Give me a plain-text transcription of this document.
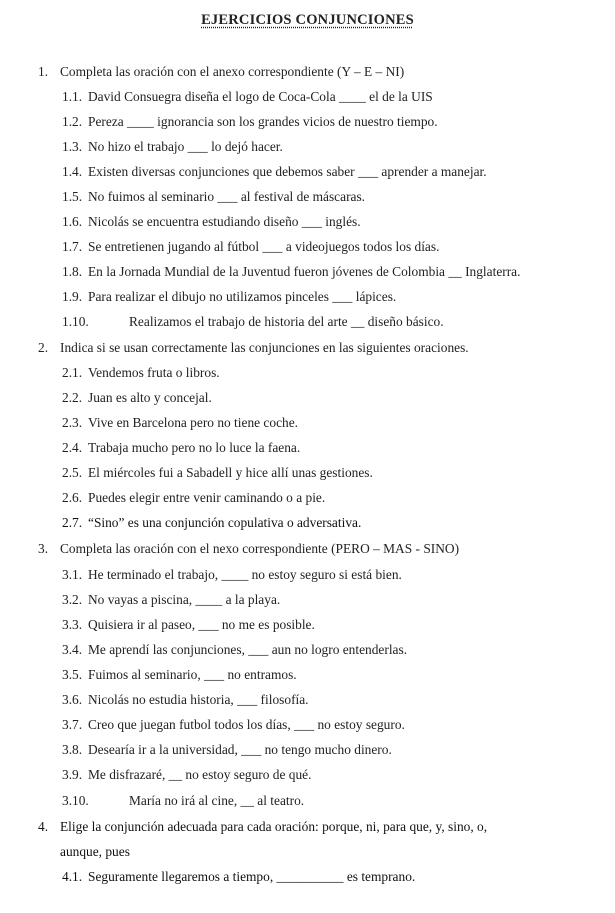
EJERCICIOS CONJUNCIONES
1. Completa las oración con el anexo correspondiente (Y – E – NI)
1.1. David Consuegra diseña el logo de Coca-Cola ____ el de la UIS
1.2. Pereza ____ ignorancia son los grandes vicios de nuestro tiempo.
1.3. No hizo el trabajo ___ lo dejó hacer.
1.4. Existen diversas conjunciones que debemos saber ___ aprender a manejar.
1.5. No fuimos al seminario ___ al festival de máscaras.
1.6. Nicolás se encuentra estudiando diseño ___ inglés.
1.7. Se entretienen jugando al fútbol ___ a videojuegos todos los días.
1.8. En la Jornada Mundial de la Juventud fueron jóvenes de Colombia __ Inglaterra.
1.9. Para realizar el dibujo no utilizamos pinceles ___ lápices.
1.10.	Realizamos el trabajo de historia del arte __ diseño básico.
2. Indica si se usan correctamente las conjunciones en las siguientes oraciones.
2.1. Vendemos fruta o libros.
2.2. Juan es alto y concejal.
2.3. Vive en Barcelona pero no tiene coche.
2.4. Trabaja mucho pero no lo luce la faena.
2.5. El miércoles fui a Sabadell y hice allí unas gestiones.
2.6. Puedes elegir entre venir caminando o a pie.
2.7. “Sino” es una conjunción copulativa o adversativa.
3. Completa las oración con el nexo correspondiente (PERO – MAS - SINO)
3.1. He terminado el trabajo, ____ no estoy seguro si está bien.
3.2. No vayas a piscina, ____ a la playa.
3.3. Quisiera ir al paseo, ___ no me es posible.
3.4. Me aprendí las conjunciones, ___ aun no logro entenderlas.
3.5. Fuimos al seminario, ___ no entramos.
3.6. Nicolás no estudia historia, ___ filosofía.
3.7. Creo que juegan futbol todos los días, ___ no estoy seguro.
3.8. Desearía ir a la universidad, ___ no tengo mucho dinero.
3.9. Me disfrazaré, __ no estoy seguro de qué.
3.10.	María no irá al cine, __ al teatro.
4. Elige la conjunción adecuada para cada oración: porque, ni, para que, y, sino, o,
aunque, pues
4.1. Seguramente llegaremos a tiempo, __________ es temprano.
